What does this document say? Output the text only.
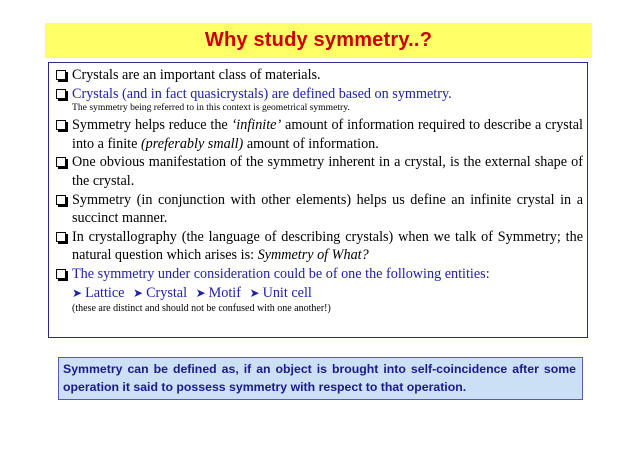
Why study symmetry..?
Crystals are an important class of materials.
Crystals (and in fact quasicrystals) are defined based on symmetry.
The symmetry being referred to in this context is geometrical symmetry.
Symmetry helps reduce the ‘infinite’ amount of information required to describe a crystal into a finite (preferably small) amount of information.
One obvious manifestation of the symmetry inherent in a crystal, is the external shape of the crystal.
Symmetry (in conjunction with other elements) helps us define an infinite crystal in a succinct manner.
In crystallography (the language of describing crystals) when we talk of Symmetry; the natural question which arises is: Symmetry of What?
The symmetry under consideration could be of one the following entities:
➤ Lattice ➤ Crystal ➤ Motif ➤ Unit cell
(these are distinct and should not be confused with one another!)
Symmetry can be defined as, if an object is brought into self-coincidence after some operation it said to possess symmetry with respect to that operation.
